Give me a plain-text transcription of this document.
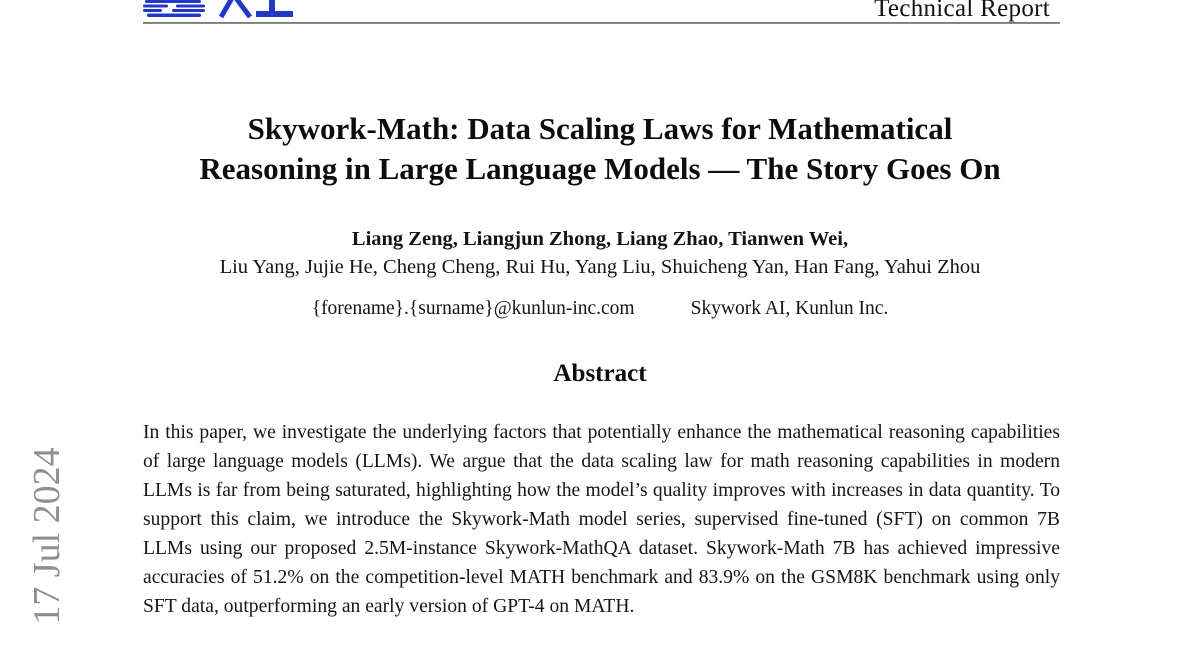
17 Jul 2024
Technical Report
Skywork-Math: Data Scaling Laws for Mathematical
Reasoning in Large Language Models — The Story Goes On
Liang Zeng, Liangjun Zhong, Liang Zhao, Tianwen Wei,
Liu Yang, Jujie He, Cheng Cheng, Rui Hu, Yang Liu, Shuicheng Yan, Han Fang, Yahui Zhou
{forename}.{surname}@kunlun-inc.com	Skywork AI, Kunlun Inc.
Abstract

In this paper, we investigate the underlying factors that potentially enhance the mathematical reasoning capabilities of large language models (LLMs). We argue that the data scaling law for math reasoning capabilities in modern LLMs is far from being saturated, highlighting how the model’s quality improves with increases in data quantity. To support this claim, we introduce the Skywork-Math model series, supervised fine-tuned (SFT) on common 7B LLMs using our proposed 2.5M-instance Skywork-MathQA dataset. Skywork-Math 7B has achieved impressive accuracies of 51.2% on the competition-level MATH benchmark and 83.9% on the GSM8K benchmark using only SFT data, outperforming an early version of GPT-4 on MATH.
